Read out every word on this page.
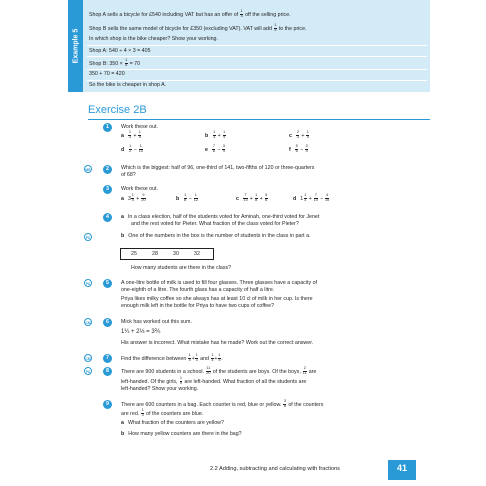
Example 5
Shop A sells a bicycle for £540 including VAT but has an offer of $\frac{1}{4}$ off the selling price.
Shop B sells the same model of bicycle for £350 (excluding VAT). VAT will add $\frac{1}{5}$ to the price.
In which shop is the bike cheaper? Show your working.
Shop A: 540 ÷ 4 × 3 = 405
Shop B: $350 \times \frac{1}{5} = 70$
350 + 70 = 420
So the bike is cheaper in shop A.
Exercise 2B
1	Work these out.
a $\frac{1}{3} + \frac{1}{5}$	b $\frac{1}{3} + \frac{1}{4}$	c $\frac{2}{3} + \frac{1}{4}$
d $\frac{1}{2} - \frac{1}{10}$	e $\frac{7}{8} - \frac{3}{4}$	f $\frac{5}{6} - \frac{3}{4}$
MR	2	Which is the biggest: half of 96, one-third of 141, two-fifths of 120 or three-quarters
of 68?
3	Work these out.
a $3 \frac{1}{4} + \frac{9}{20}$	b $\frac{1}{8} - \frac{1}{12}$	c $\frac{7}{10} + \frac{1}{8} + \frac{5}{6}$	d $1 \frac{1}{3} + \frac{7}{10} - \frac{4}{15}$
PS
4	a In a class election, half of the students voted for Aminah, one-third voted for Jenet
and the rest voted for Pieter. What fraction of the class voted for Pieter?
b One of the numbers in the box is the number of students in the class in part a.
25	28	30	32
How many students are there in the class?
PS	5	A one-litre bottle of milk is used to fill four glasses. Three glasses have a capacity of
one-eighth of a litre. The fourth glass has a capacity of half a litre.
Priya likes milky coffee so she always has at least 10 cl of milk in her cup. Is there
enough milk left in the bottle for Priya to have two cups of coffee?
CM	6	Mick has worked out this sum.
1¼ + 2⅓ = 3⅖
His answer is incorrect. What mistake has he made? Work out the correct answer.
CM	7	Find the difference between $\frac{1}{4} + \frac{1}{3}$ and $\frac{1}{4} + \frac{1}{5}$ .
PS	8	There are 900 students in a school. $\frac{11}{20}$ of the students are boys. Of the boys, $\frac{2}{11}$ are
left-handed. Of the girls, $\frac{1}{9}$ are left-handed. What fraction of all the students are
left-handed? Show your working.
9	There are 600 counters in a bag. Each counter is red, blue or yellow. $\frac{3}{8}$ of the counters
are red. $\frac{1}{3}$ of the counters are blue.
a What fraction of the counters are yellow?
b How many yellow counters are there in the bag?
2.2 Adding, subtracting and calculating with fractions	41
